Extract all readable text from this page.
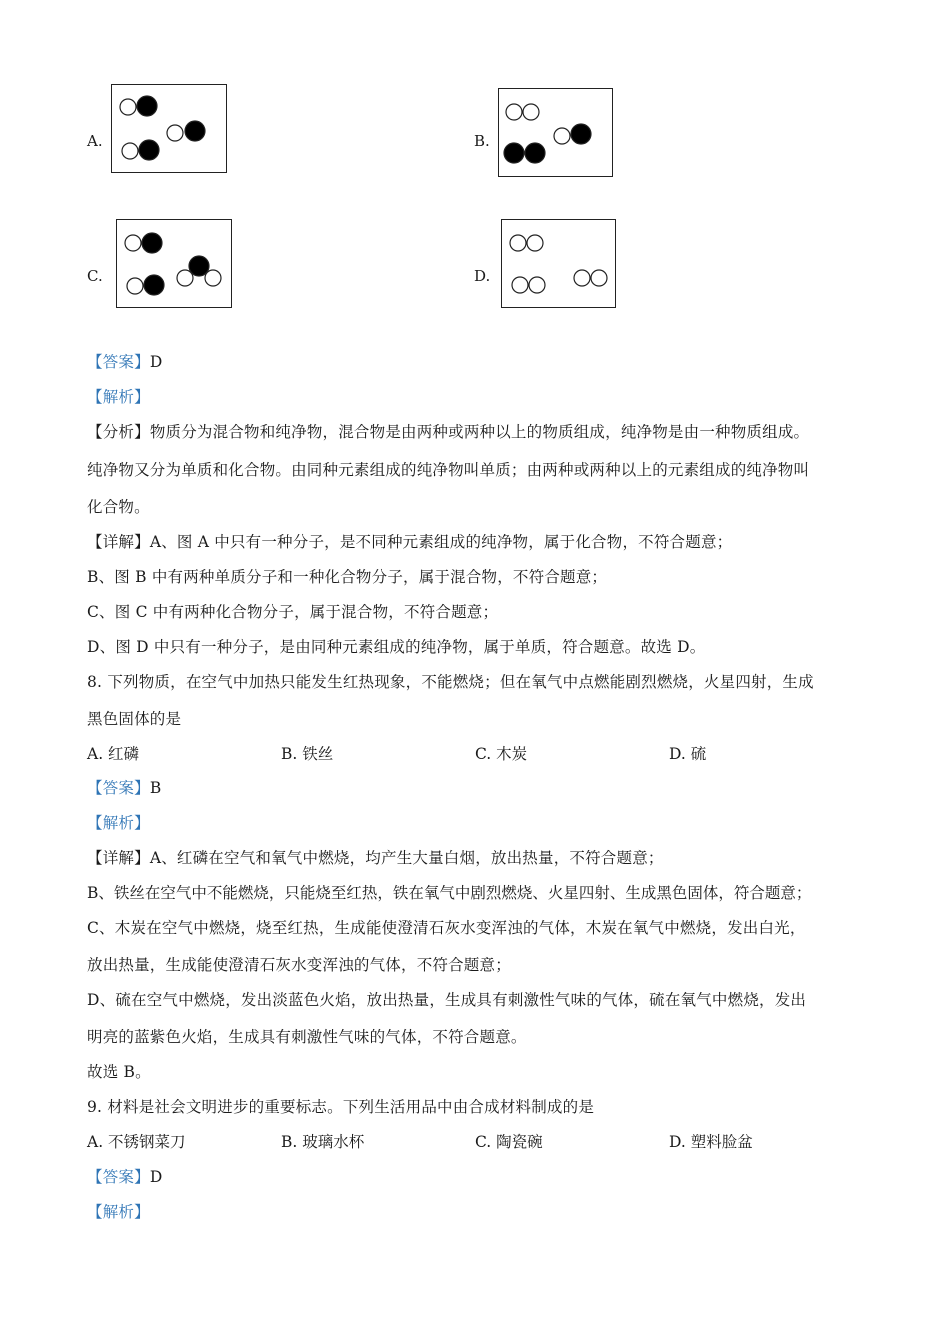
A.	B.
C.	D.
【答案】D
【解析】
【分析】物质分为混合物和纯净物，混合物是由两种或两种以上的物质组成，纯净物是由一种物质组成。
纯净物又分为单质和化合物。由同种元素组成的纯净物叫单质；由两种或两种以上的元素组成的纯净物叫
化合物。
【详解】A、图 A 中只有一种分子，是不同种元素组成的纯净物，属于化合物，不符合题意；
B、图 B 中有两种单质分子和一种化合物分子，属于混合物，不符合题意；
C、图 C 中有两种化合物分子，属于混合物，不符合题意；
D、图 D 中只有一种分子，是由同种元素组成的纯净物，属于单质，符合题意。故选 D。
8. 下列物质，在空气中加热只能发生红热现象，不能燃烧；但在氧气中点燃能剧烈燃烧，火星四射，生成
黑色固体的是
A. 红磷	B. 铁丝	C. 木炭	D. 硫
【答案】B
【解析】
【详解】A、红磷在空气和氧气中燃烧，均产生大量白烟，放出热量，不符合题意；
B、铁丝在空气中不能燃烧，只能烧至红热，铁在氧气中剧烈燃烧、火星四射、生成黑色固体，符合题意；
C、木炭在空气中燃烧，烧至红热，生成能使澄清石灰水变浑浊的气体，木炭在氧气中燃烧，发出白光，
放出热量，生成能使澄清石灰水变浑浊的气体，不符合题意；
D、硫在空气中燃烧，发出淡蓝色火焰，放出热量，生成具有刺激性气味的气体，硫在氧气中燃烧，发出
明亮的蓝紫色火焰，生成具有刺激性气味的气体，不符合题意。
故选 B。
9. 材料是社会文明进步的重要标志。下列生活用品中由合成材料制成的是
A. 不锈钢菜刀	B. 玻璃水杯	C. 陶瓷碗	D. 塑料脸盆
【答案】D
【解析】
